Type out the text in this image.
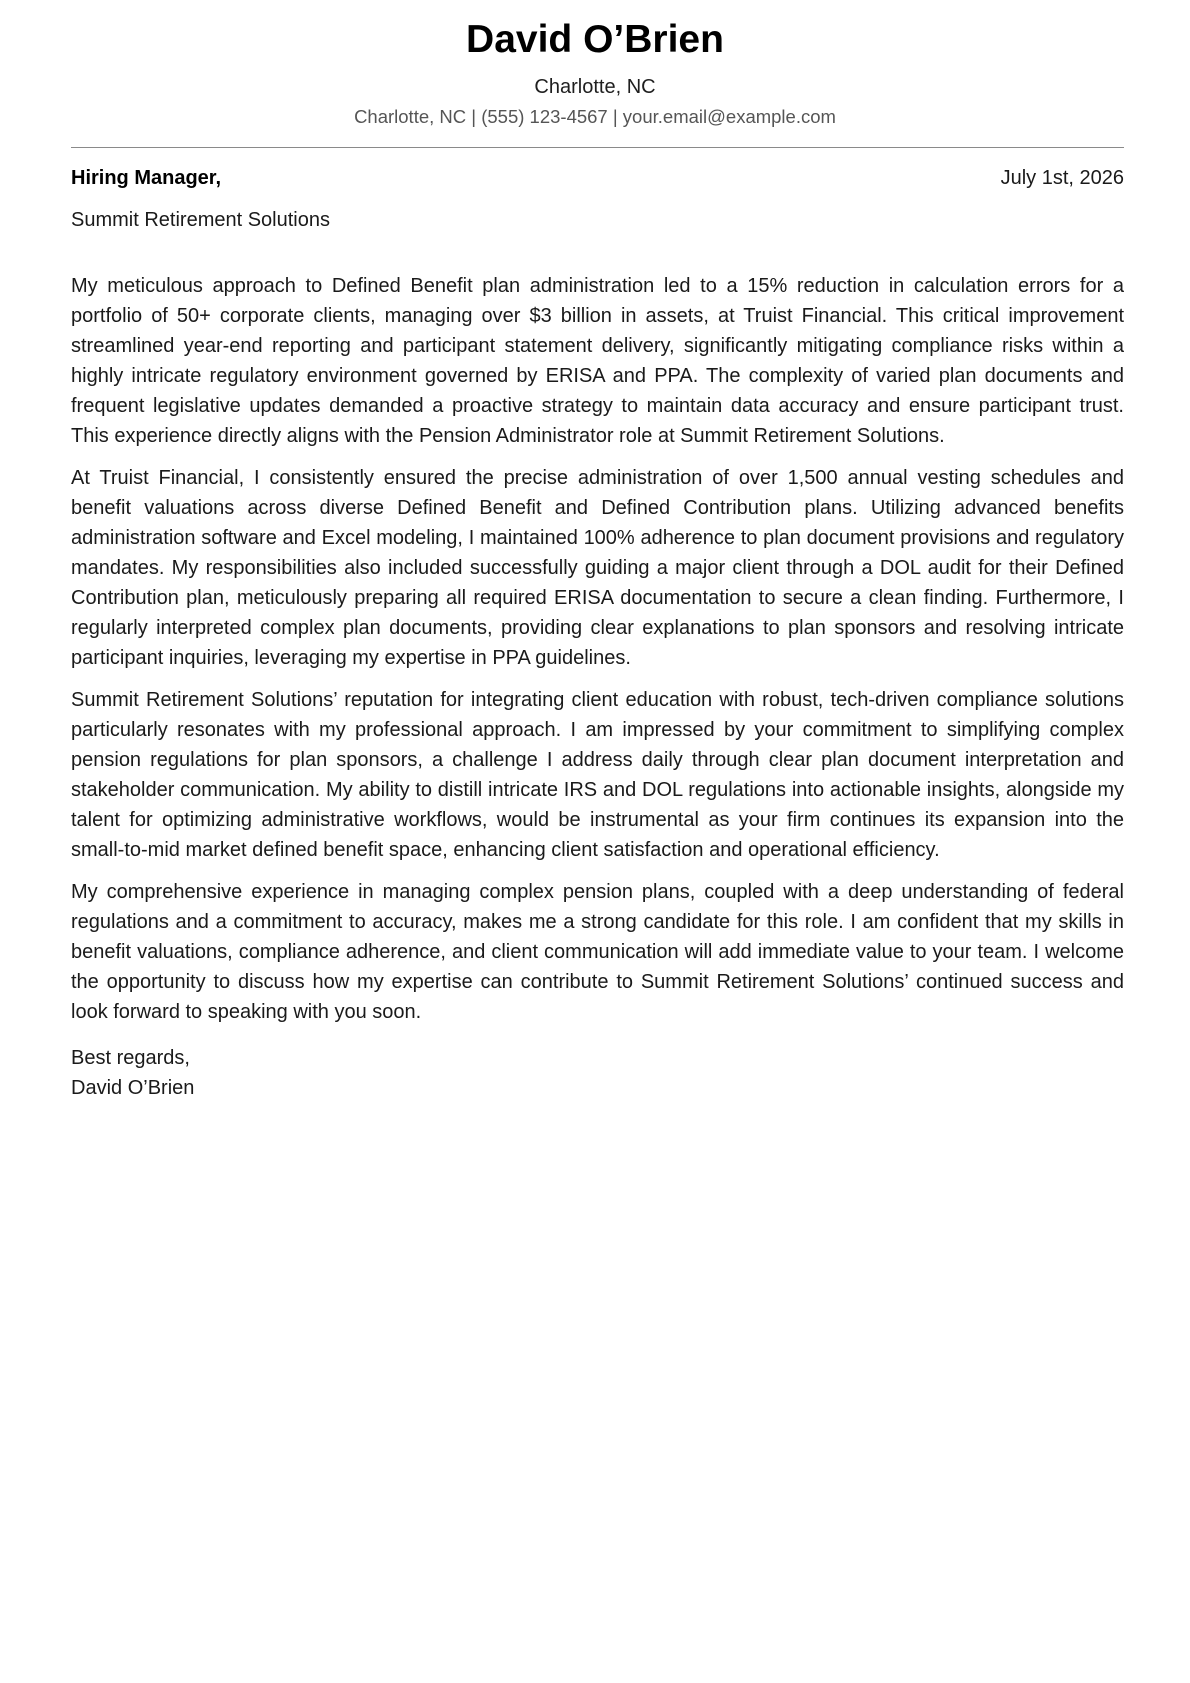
David O’Brien
Charlotte, NC
Charlotte, NC | (555) 123-4567 | your.email@example.com
Hiring Manager,	July 1st, 2026
Summit Retirement Solutions

My meticulous approach to Defined Benefit plan administration led to a 15% reduction in calculation errors for a portfolio of 50+ corporate clients, managing over $3 billion in assets, at Truist Financial. This critical improvement streamlined year-end reporting and participant statement delivery, significantly mitigating compliance risks within a highly intricate regulatory environment governed by ERISA and PPA. The complexity of varied plan documents and frequent legislative updates demanded a proactive strategy to maintain data accuracy and ensure participant trust. This experience directly aligns with the Pension Administrator role at Summit Retirement Solutions.

At Truist Financial, I consistently ensured the precise administration of over 1,500 annual vesting schedules and benefit valuations across diverse Defined Benefit and Defined Contribution plans. Utilizing advanced benefits administration software and Excel modeling, I maintained 100% adherence to plan document provisions and regulatory mandates. My responsibilities also included successfully guiding a major client through a DOL audit for their Defined Contribution plan, meticulously preparing all required ERISA documentation to secure a clean finding. Furthermore, I regularly interpreted complex plan documents, providing clear explanations to plan sponsors and resolving intricate participant inquiries, leveraging my expertise in PPA guidelines.

Summit Retirement Solutions’ reputation for integrating client education with robust, tech-driven compliance solutions particularly resonates with my professional approach. I am impressed by your commitment to simplifying complex pension regulations for plan sponsors, a challenge I address daily through clear plan document interpretation and stakeholder communication. My ability to distill intricate IRS and DOL regulations into actionable insights, alongside my talent for optimizing administrative workflows, would be instrumental as your firm continues its expansion into the small-to-mid market defined benefit space, enhancing client satisfaction and operational efficiency.

My comprehensive experience in managing complex pension plans, coupled with a deep understanding of federal regulations and a commitment to accuracy, makes me a strong candidate for this role. I am confident that my skills in benefit valuations, compliance adherence, and client communication will add immediate value to your team. I welcome the opportunity to discuss how my expertise can contribute to Summit Retirement Solutions’ continued success and look forward to speaking with you soon.

Best regards,
David O’Brien
